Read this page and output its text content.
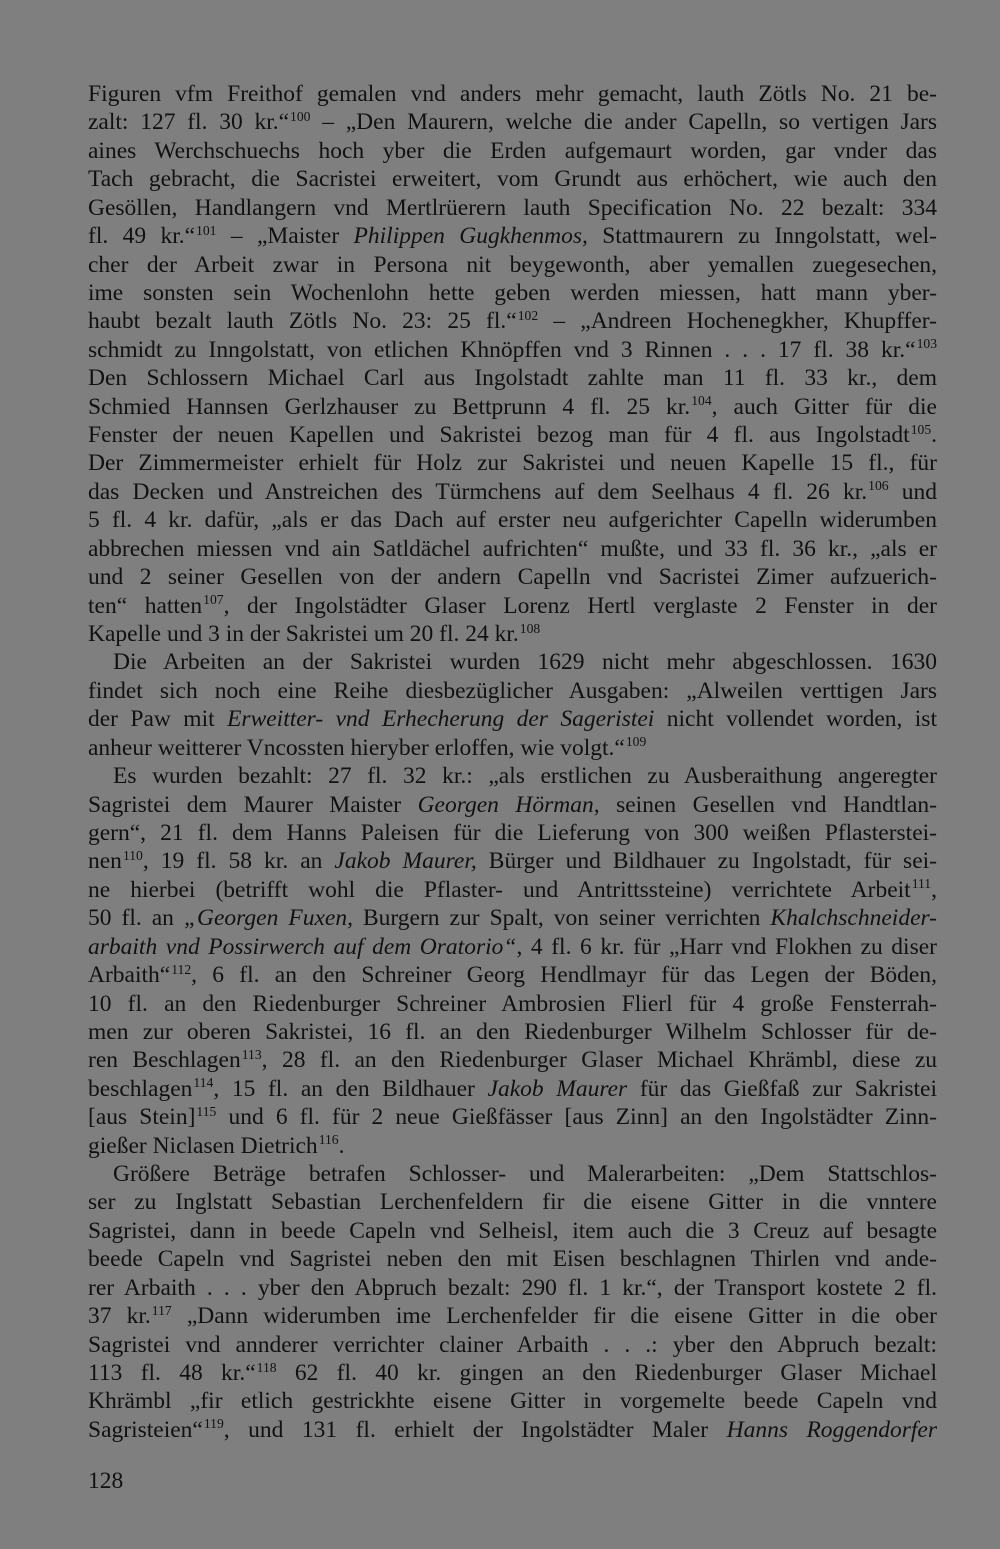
Figuren vfm Freithof gemalen vnd anders mehr gemacht, lauth Zötls No. 21 be-
zalt: 127 fl. 30 kr.“$^{100}$ – „Den Maurern, welche die ander Capelln, so vertigen Jars
aines Werchschuechs hoch yber die Erden aufgemaurt worden, gar vnder das
Tach gebracht, die Sacristei erweitert, vom Grundt aus erhöchert, wie auch den
Gesöllen, Handlangern vnd Mertlrüerern lauth Specification No. 22 bezalt: 334
fl. 49 kr.“$^{101}$ – „Maister Philippen Gugkhenmos, Stattmaurern zu Inngolstatt, wel-
cher der Arbeit zwar in Persona nit beygewonth, aber yemallen zuegesechen,
ime sonsten sein Wochenlohn hette geben werden miessen, hatt mann yber-
haubt bezalt lauth Zötls No. 23: 25 fl.“$^{102}$ – „Andreen Hochenegkher, Khupffer-
schmidt zu Inngolstatt, von etlichen Khnöpffen vnd 3 Rinnen . . . 17 fl. 38 kr.“$^{103}$
Den Schlossern Michael Carl aus Ingolstadt zahlte man 11 fl. 33 kr., dem
Schmied Hannsen Gerlzhauser zu Bettprunn 4 fl. 25 kr.$^{104}$, auch Gitter für die
Fenster der neuen Kapellen und Sakristei bezog man für 4 fl. aus Ingolstadt$^{105}$.
Der Zimmermeister erhielt für Holz zur Sakristei und neuen Kapelle 15 fl., für
das Decken und Anstreichen des Türmchens auf dem Seelhaus 4 fl. 26 kr.$^{106}$ und
5 fl. 4 kr. dafür, „als er das Dach auf erster neu aufgerichter Capelln widerumben
abbrechen miessen vnd ain Satldächel aufrichten“ mußte, und 33 fl. 36 kr., „als er
und 2 seiner Gesellen von der andern Capelln vnd Sacristei Zimer aufzuerich-
ten“ hatten$^{107}$, der Ingolstädter Glaser Lorenz Hertl verglaste 2 Fenster in der
Kapelle und 3 in der Sakristei um 20 fl. 24 kr.$^{108}$
Die Arbeiten an der Sakristei wurden 1629 nicht mehr abgeschlossen. 1630
findet sich noch eine Reihe diesbezüglicher Ausgaben: „Alweilen verttigen Jars
der Paw mit Erweitter- vnd Erhecherung der Sageristei nicht vollendet worden, ist
anheur weitterer Vncossten hieryber erloffen, wie volgt.“$^{109}$
Es wurden bezahlt: 27 fl. 32 kr.: „als erstlichen zu Ausberaithung angeregter
Sagristei dem Maurer Maister Georgen Hörman, seinen Gesellen vnd Handtlan-
gern“, 21 fl. dem Hanns Paleisen für die Lieferung von 300 weißen Pflasterstei-
nen$^{110}$, 19 fl. 58 kr. an Jakob Maurer, Bürger und Bildhauer zu Ingolstadt, für sei-
ne hierbei (betrifft wohl die Pflaster- und Antrittssteine) verrichtete Arbeit$^{111}$,
50 fl. an „Georgen Fuxen, Burgern zur Spalt, von seiner verrichten Khalchschneider-
arbaith vnd Possirwerch auf dem Oratorio“, 4 fl. 6 kr. für „Harr vnd Flokhen zu diser
Arbaith“$^{112}$, 6 fl. an den Schreiner Georg Hendlmayr für das Legen der Böden,
10 fl. an den Riedenburger Schreiner Ambrosien Flierl für 4 große Fensterrah-
men zur oberen Sakristei, 16 fl. an den Riedenburger Wilhelm Schlosser für de-
ren Beschlagen$^{113}$, 28 fl. an den Riedenburger Glaser Michael Khrämbl, diese zu
beschlagen$^{114}$, 15 fl. an den Bildhauer Jakob Maurer für das Gießfaß zur Sakristei
[aus Stein]$^{115}$ und 6 fl. für 2 neue Gießfässer [aus Zinn] an den Ingolstädter Zinn-
gießer Niclasen Dietrich$^{116}$.
Größere Beträge betrafen Schlosser- und Malerarbeiten: „Dem Stattschlos-
ser zu Inglstatt Sebastian Lerchenfeldern fir die eisene Gitter in die vnntere
Sagristei, dann in beede Capeln vnd Selheisl, item auch die 3 Creuz auf besagte
beede Capeln vnd Sagristei neben den mit Eisen beschlagnen Thirlen vnd ande-
rer Arbaith . . . yber den Abpruch bezalt: 290 fl. 1 kr.“, der Transport kostete 2 fl.
37 kr.$^{117}$ „Dann widerumben ime Lerchenfelder fir die eisene Gitter in die ober
Sagristei vnd annderer verrichter clainer Arbaith . . .: yber den Abpruch bezalt:
113 fl. 48 kr.“$^{118}$ 62 fl. 40 kr. gingen an den Riedenburger Glaser Michael
Khrämbl „fir etlich gestrickhte eisene Gitter in vorgemelte beede Capeln vnd
Sagristeien“$^{119}$, und 131 fl. erhielt der Ingolstädter Maler Hanns Roggendorfer
128
